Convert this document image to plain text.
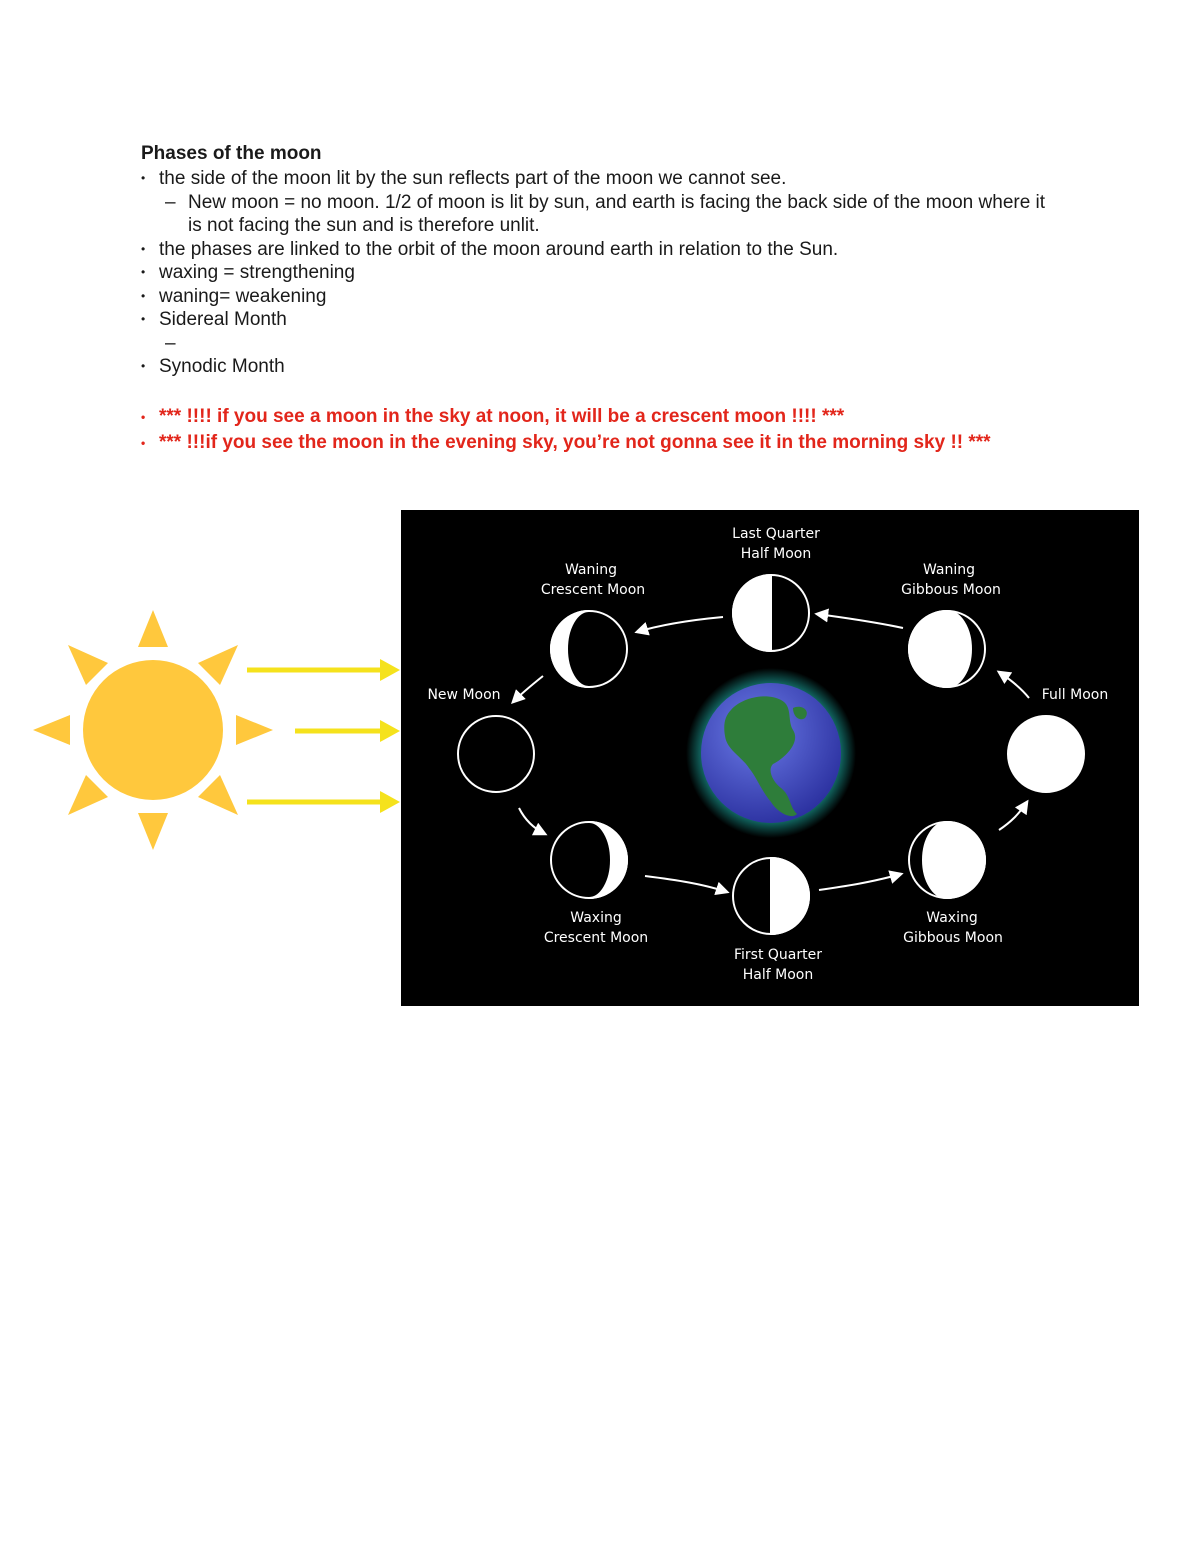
Phases of the moon

• the side of the moon lit by the sun reflects part of the moon we cannot see.
– New moon = no moon. 1/2 of moon is lit by sun, and earth is facing the back side of the moon where it is not facing the sun and is therefore unlit.
• the phases are linked to the orbit of the moon around earth in relation to the Sun.
• waxing = strengthening
• waning= weakening
• Sidereal Month
–
• Synodic Month
• *** !!!! if you see a moon in the sky at noon, it will be a crescent moon !!!! ***
• *** !!!if you see the moon in the evening sky, you’re not gonna see it in the morning sky !! ***
Last Quarter
Half Moon
Waning
Crescent Moon
Waning
Gibbous Moon
New Moon	Full Moon
Waxing
Crescent Moon
First Quarter
Half Moon
Waxing
Gibbous Moon
